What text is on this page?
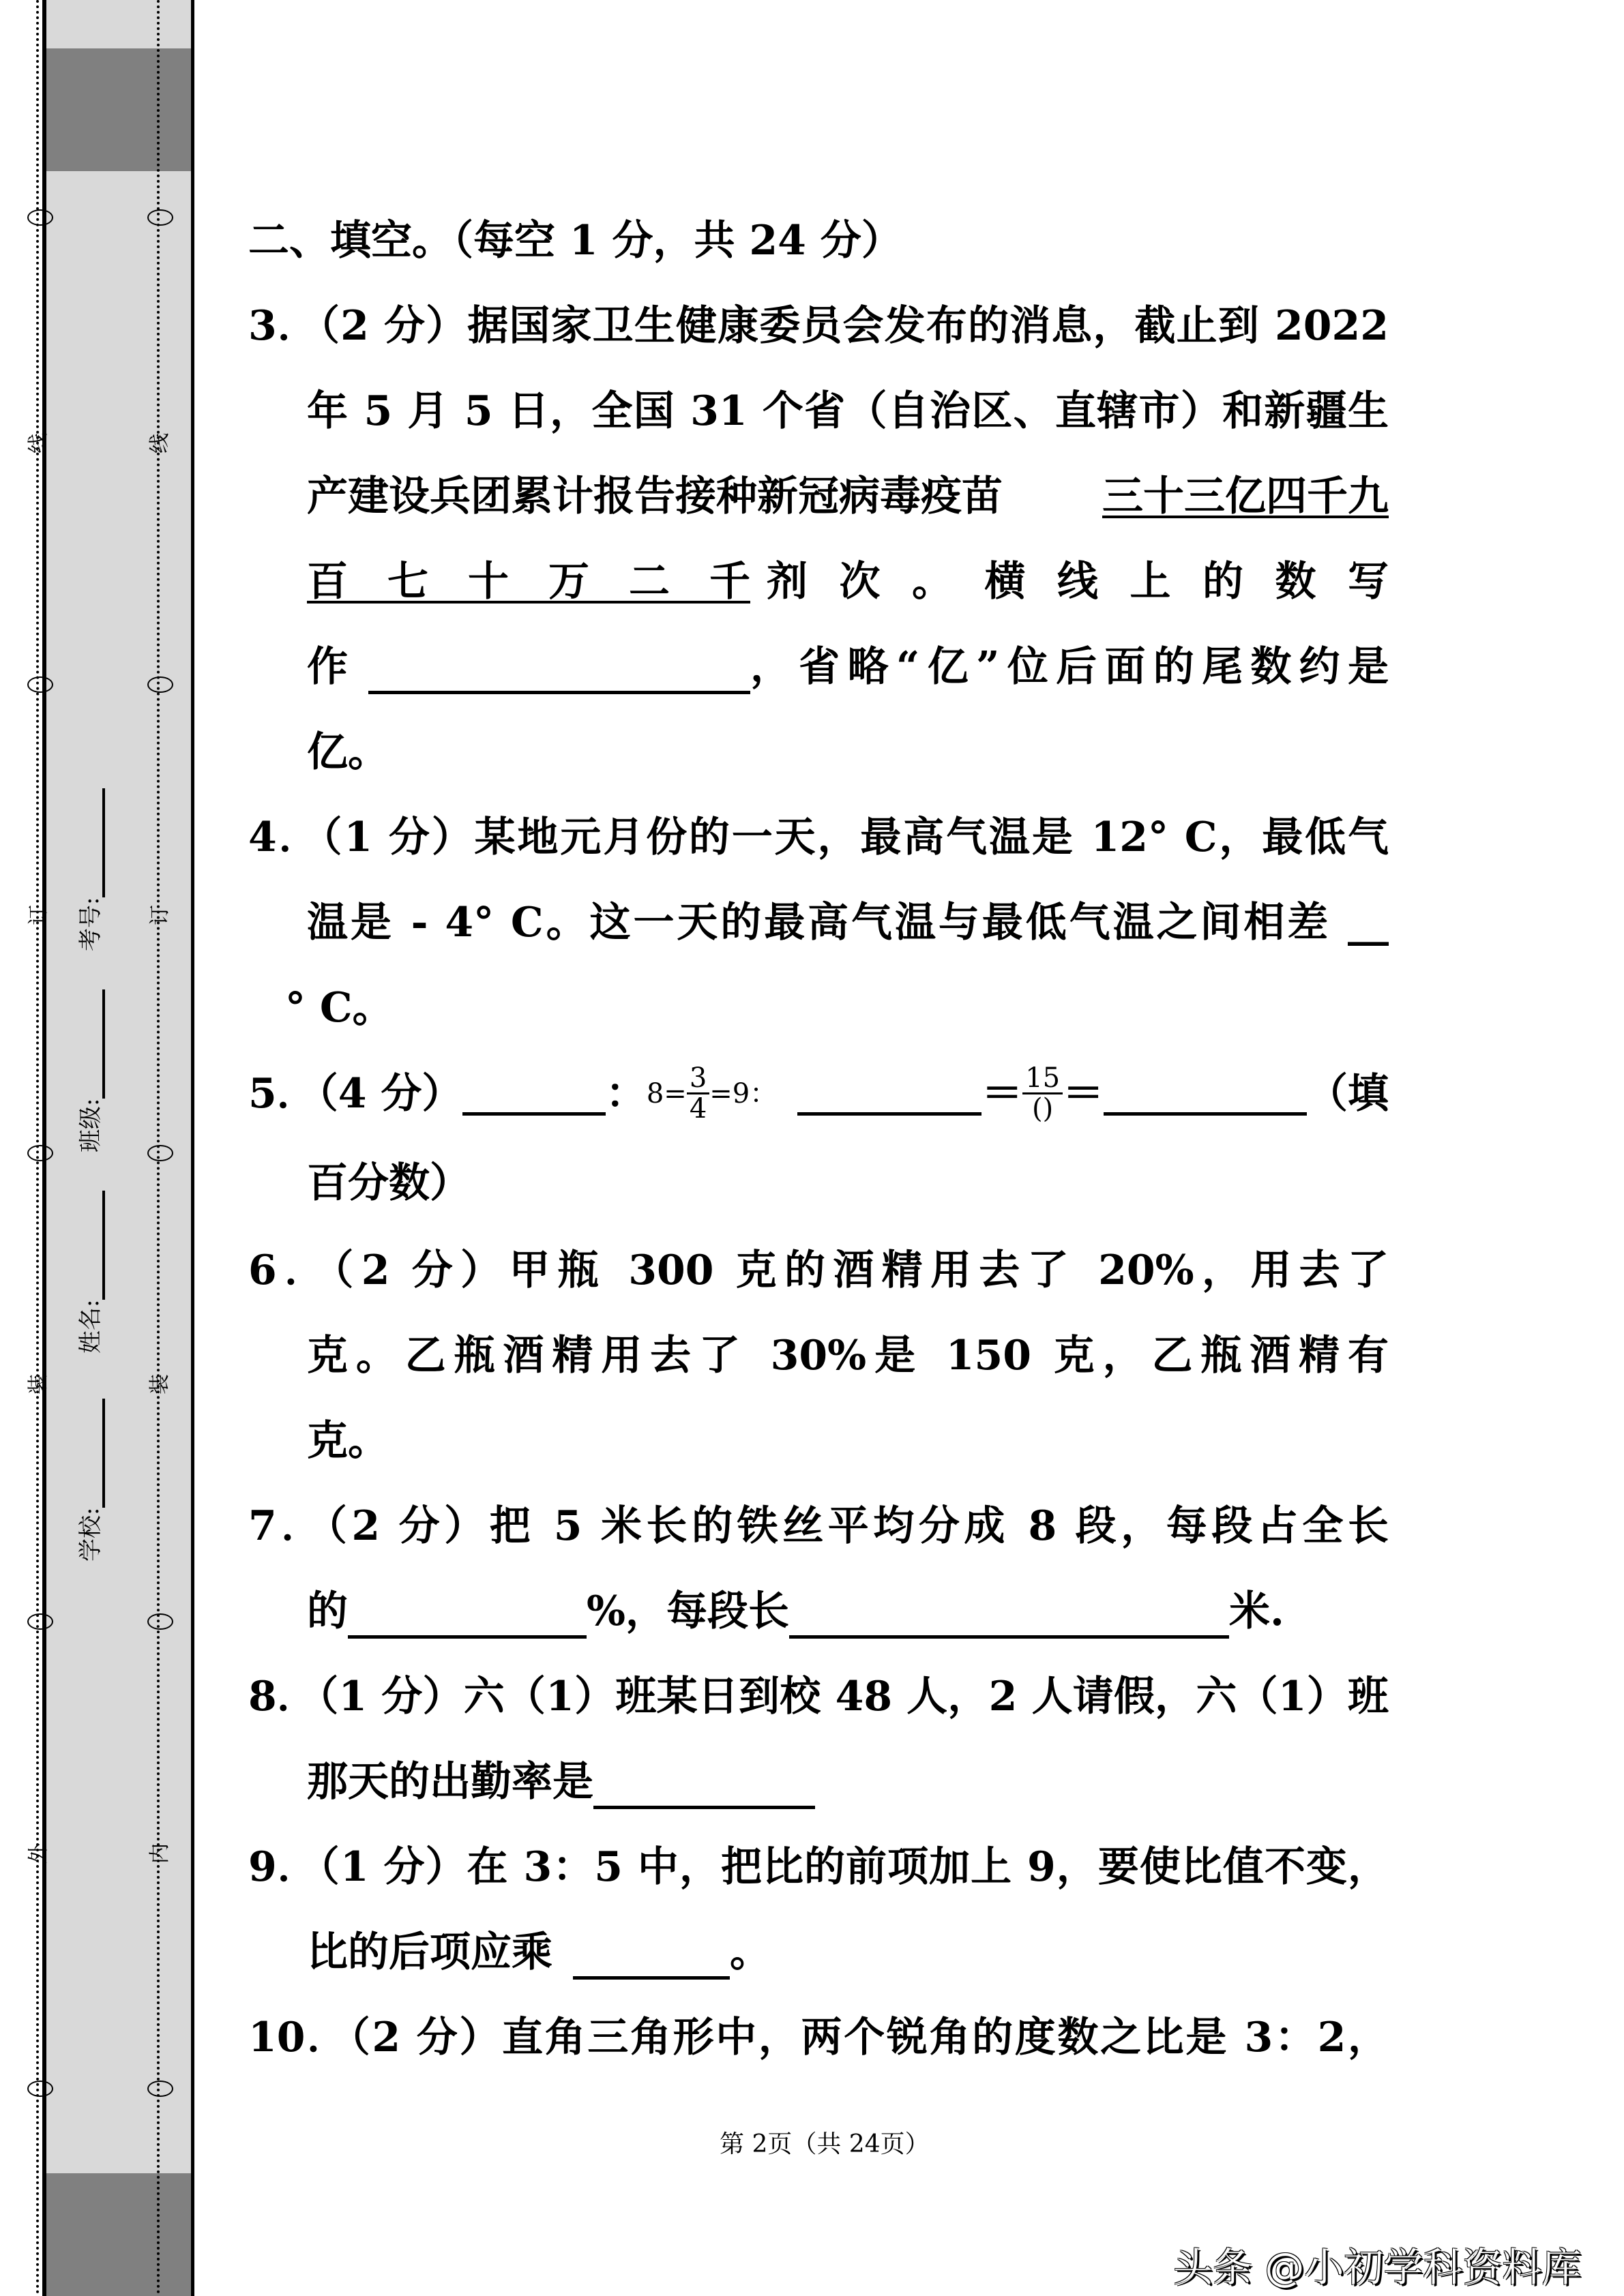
线
订
装
外
线
订
装
内
学校:
姓名:
班级:
考号:
二、填空。（每空 1 分，共 24 分）
3．（2 分）据国家卫生健康委员会发布的消息，截止到 2022
年 5 月 5 日，全国 31 个省（自治区、直辖市）和新疆生
产建设兵团累计报告接种新冠病毒疫苗 三十三亿四千九
百七十万二千 剂次。横线上的数写
作	，省略“亿”位后面的尾数约是
亿。
4．（1 分）某地元月份的一天，最高气温是 12° C，最低气
温是 - 4° C。这一天的最高气温与最低气温之间相差 __
° C。
5．（4 分）	： $8= \frac{3}{4} =9$：	＝ $\frac{15}{()}$ ＝	（填
百分数）
6．（2 分）甲瓶 300 克的酒精用去了 20%，用去了
克。乙瓶酒精用去了 30%是 150 克，乙瓶酒精有
克。
7．（2 分）把 5 米长的铁丝平均分成 8 段，每段占全长
的	%，每段长	米.
8．（1 分）六（1）班某日到校 48 人，2 人请假，六（1）班
那天的出勤率是
9．（1 分）在 3：5 中，把比的前项加上 9，要使比值不变，
比的后项应乘	。
10．（2 分）直角三角形中，两个锐角的度数之比是 3：2，
第 2页（共 24页）
头条 @小初学科资料库
